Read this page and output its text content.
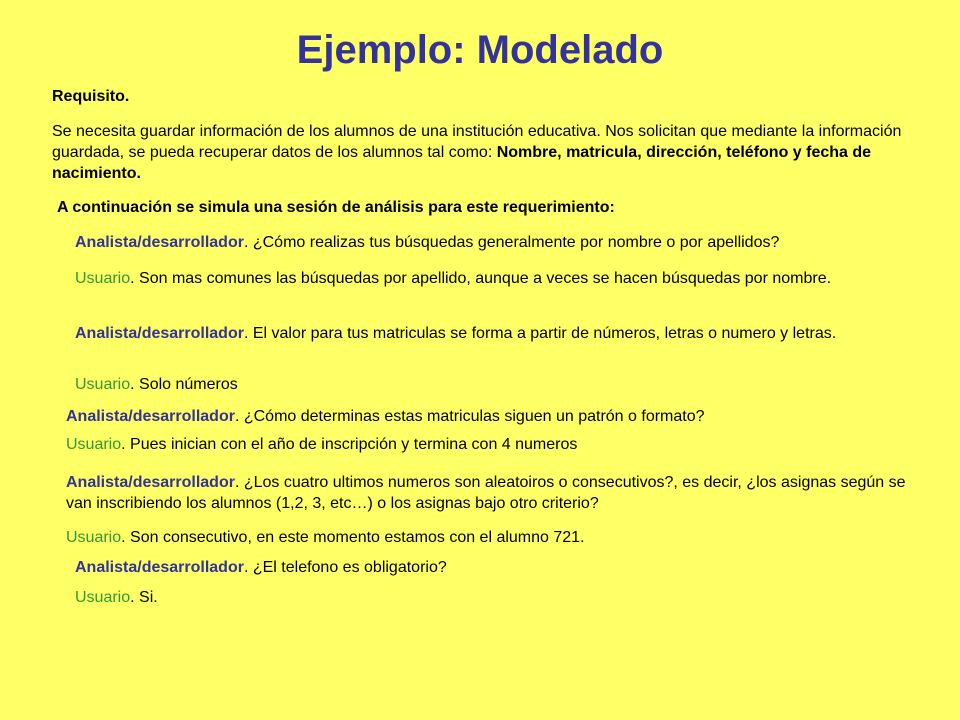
Ejemplo: Modelado

Requisito.

Se necesita guardar información de los alumnos de una institución educativa. Nos solicitan que mediante la información guardada, se pueda recuperar datos de los alumnos tal como: Nombre, matricula, dirección, teléfono y fecha de nacimiento.

A continuación se simula una sesión de análisis para este requerimiento:

Analista/desarrollador. ¿Cómo realizas tus búsquedas generalmente por nombre o por apellidos?

Usuario. Son mas comunes las búsquedas por apellido, aunque a veces se hacen búsquedas por nombre.

Analista/desarrollador. El valor para tus matriculas se forma a partir de números, letras o numero y letras.

Usuario. Solo números

Analista/desarrollador. ¿Cómo determinas estas matriculas siguen un patrón o formato?

Usuario. Pues inician con el año de inscripción y termina con 4 numeros

Analista/desarrollador. ¿Los cuatro ultimos numeros son aleatoiros o consecutivos?, es decir, ¿los asignas según se van inscribiendo los alumnos (1,2, 3, etc…) o los asignas bajo otro criterio?

Usuario. Son consecutivo, en este momento estamos con el alumno 721.

Analista/desarrollador. ¿El telefono es obligatorio?

Usuario. Si.
